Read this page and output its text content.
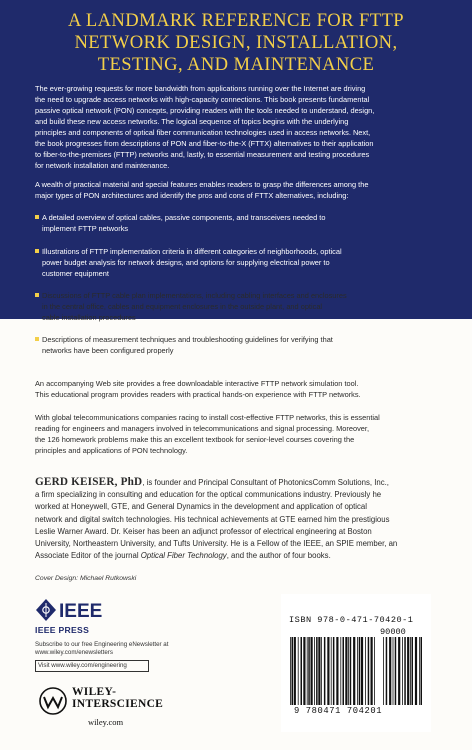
A LANDMARK REFERENCE FOR FTTP
NETWORK DESIGN, INSTALLATION,
TESTING, AND MAINTENANCE
The ever-growing requests for more bandwidth from applications running over the Internet are driving
the need to upgrade access networks with high-capacity connections. This book presents fundamental
passive optical network (PON) concepts, providing readers with the tools needed to understand, design,
and build these new access networks. The logical sequence of topics begins with the underlying
principles and components of optical fiber communication technologies used in access networks. Next,
the book progresses from descriptions of PON and fiber-to-the-X (FTTX) alternatives to their application
to fiber-to-the-premises (FTTP) networks and, lastly, to essential measurement and testing procedures
for network installation and maintenance.
A wealth of practical material and special features enables readers to grasp the differences among the
major types of PON architectures and identify the pros and cons of FTTX alternatives, including:
A detailed overview of optical cables, passive components, and transceivers needed to
implement FTTP networks
Illustrations of FTTP implementation criteria in different categories of neighborhoods, optical
power budget analysis for network designs, and options for supplying electrical power to
customer equipment
Discussions of FTTP cable plan implementations, including cabling interfaces and enclosures
in the central office, cables and equipment enclosures in the outside plant, and optical
cable installation procedures
Descriptions of measurement techniques and troubleshooting guidelines for verifying that
networks have been configured properly
An accompanying Web site provides a free downloadable interactive FTTP network simulation tool.
This educational program provides readers with practical hands-on experience with FTTP networks.
With global telecommunications companies racing to install cost-effective FTTP networks, this is essential
reading for engineers and managers involved in telecommunications and signal processing. Moreover,
the 126 homework problems make this an excellent textbook for senior-level courses covering the
principles and applications of PON technology.
GERD KEISER, PhD, is founder and Principal Consultant of PhotonicsComm Solutions, Inc.,
a firm specializing in consulting and education for the optical communications industry. Previously he
worked at Honeywell, GTE, and General Dynamics in the development and application of optical
network and digital switch technologies. His technical achievements at GTE earned him the prestigious
Leslie Warner Award. Dr. Keiser has been an adjunct professor of electrical engineering at Boston
University, Northeastern University, and Tufts University. He is a Fellow of the IEEE, an SPIE member, an
Associate Editor of the journal Optical Fiber Technology, and the author of four books.
Cover Design: Michael Rutkowski
IEEE
IEEE PRESS
Subscribe to our free Engineering eNewsletter at
www.wiley.com/enewsletters
Visit www.wiley.com/engineering
WILEY-
INTERSCIENCE
wiley.com
ISBN 978-0-471-70420-1
90000
9 780471 704201
